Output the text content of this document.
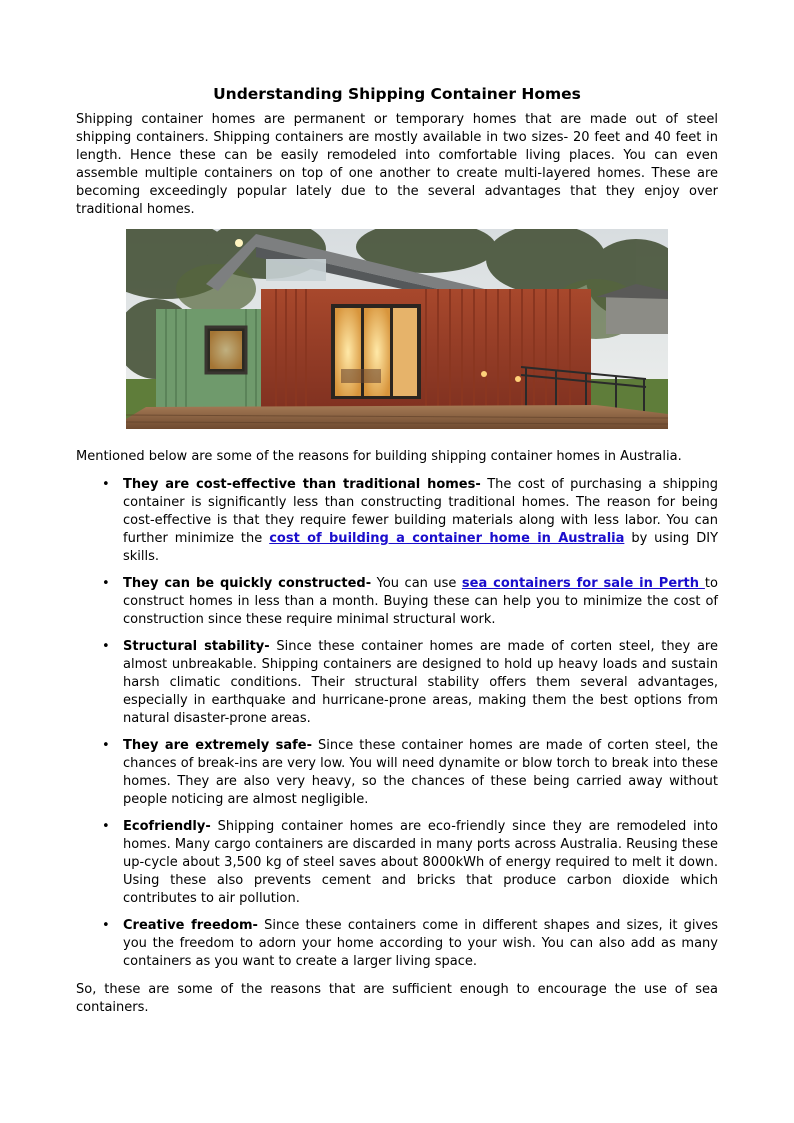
Understanding Shipping Container Homes

Shipping container homes are permanent or temporary homes that are made out of steel shipping containers. Shipping containers are mostly available in two sizes- 20 feet and 40 feet in length. Hence these can be easily remodeled into comfortable living places. You can even assemble multiple containers on top of one another to create multi-layered homes. These are becoming exceedingly popular lately due to the several advantages that they enjoy over traditional homes.

Mentioned below are some of the reasons for building shipping container homes in Australia.

• They are cost-effective than traditional homes- The cost of purchasing a shipping container is significantly less than constructing traditional homes. The reason for being cost-effective is that they require fewer building materials along with less labor. You can further minimize the cost of building a container home in Australia by using DIY skills.
• They can be quickly constructed- You can use sea containers for sale in Perth to construct homes in less than a month. Buying these can help you to minimize the cost of construction since these require minimal structural work.
• Structural stability- Since these container homes are made of corten steel, they are almost unbreakable. Shipping containers are designed to hold up heavy loads and sustain harsh climatic conditions. Their structural stability offers them several advantages, especially in earthquake and hurricane-prone areas, making them the best options from natural disaster-prone areas.
• They are extremely safe- Since these container homes are made of corten steel, the chances of break-ins are very low. You will need dynamite or blow torch to break into these homes. They are also very heavy, so the chances of these being carried away without people noticing are almost negligible.
• Ecofriendly- Shipping container homes are eco-friendly since they are remodeled into homes. Many cargo containers are discarded in many ports across Australia. Reusing these up-cycle about 3,500 kg of steel saves about 8000kWh of energy required to melt it down. Using these also prevents cement and bricks that produce carbon dioxide which contributes to air pollution.
• Creative freedom- Since these containers come in different shapes and sizes, it gives you the freedom to adorn your home according to your wish. You can also add as many containers as you want to create a larger living space.

So, these are some of the reasons that are sufficient enough to encourage the use of sea containers.
